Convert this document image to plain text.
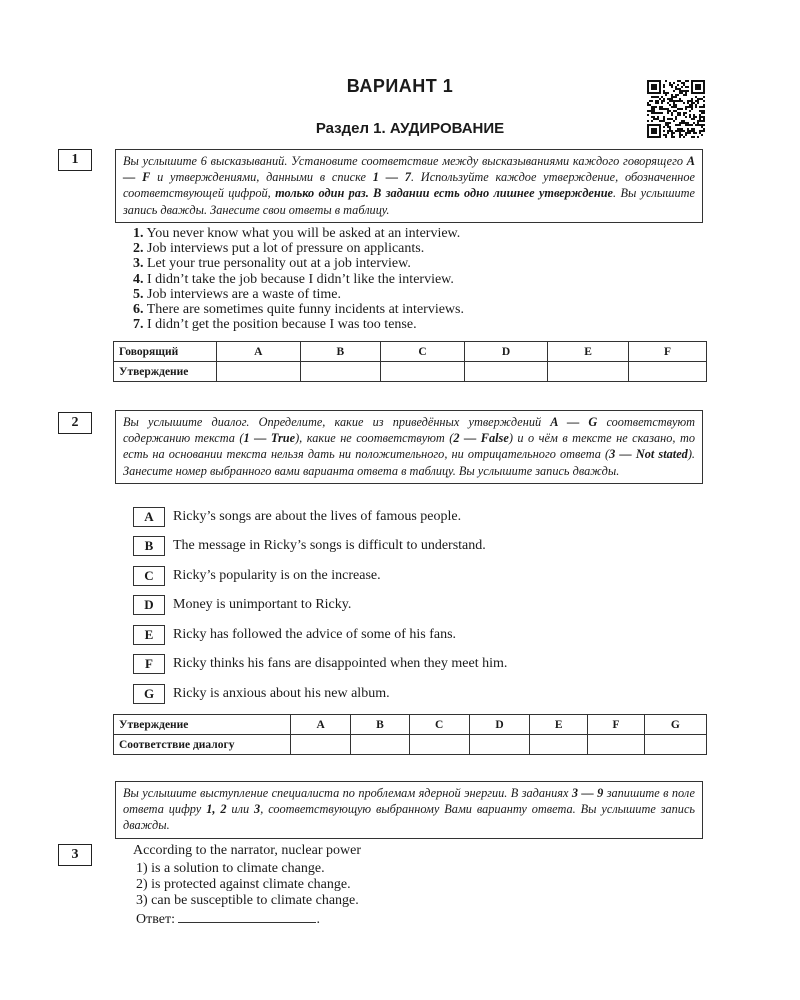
ВАРИАНТ 1
Раздел 1. АУДИРОВАНИЕ
1	Вы услышите 6 высказываний. Установите соответствие между высказываниями каждого говорящего A — F и утверждениями, данными в списке 1 — 7. Используйте каждое утверждение, обозначенное соответствующей цифрой, только один раз. В задании есть одно лишнее утверждение. Вы услышите запись дважды. Занесите свои ответы в таблицу.
1. You never know what you will be asked at an interview.
2. Job interviews put a lot of pressure on applicants.
3. Let your true personality out at a job interview.
4. I didn’t take the job because I didn’t like the interview.
5. Job interviews are a waste of time.
6. There are sometimes quite funny incidents at interviews.
7. I didn’t get the position because I was too tense.
Говорящий	A	B	C	D	E	F
Утверждение						
2	Вы услышите диалог. Определите, какие из приведённых утверждений A — G соответствуют содержанию текста (1 — True), какие не соответствуют (2 — False) и о чём в тексте не сказано, то есть на основании текста нельзя дать ни положительного, ни отрицательного ответа (3 — Not stated). Занесите номер выбранного вами варианта ответа в таблицу. Вы услышите запись дважды.
A Ricky’s songs are about the lives of famous people.
B The message in Ricky’s songs is difficult to understand.
C Ricky’s popularity is on the increase.
D Money is unimportant to Ricky.
E Ricky has followed the advice of some of his fans.
F Ricky thinks his fans are disappointed when they meet him.
G Ricky is anxious about his new album.
Утверждение	A	B	C	D	E	F	G
Соответствие диалогу							
Вы услышите выступление специалиста по проблемам ядерной энергии. В заданиях 3 — 9 запишите в поле ответа цифру 1, 2 или 3, соответствующую выбранному Вами варианту ответа. Вы услышите запись дважды.
3	According to the narrator, nuclear power
1) is a solution to climate change.
2) is protected against climate change.
3) can be susceptible to climate change.
Ответ:	.
